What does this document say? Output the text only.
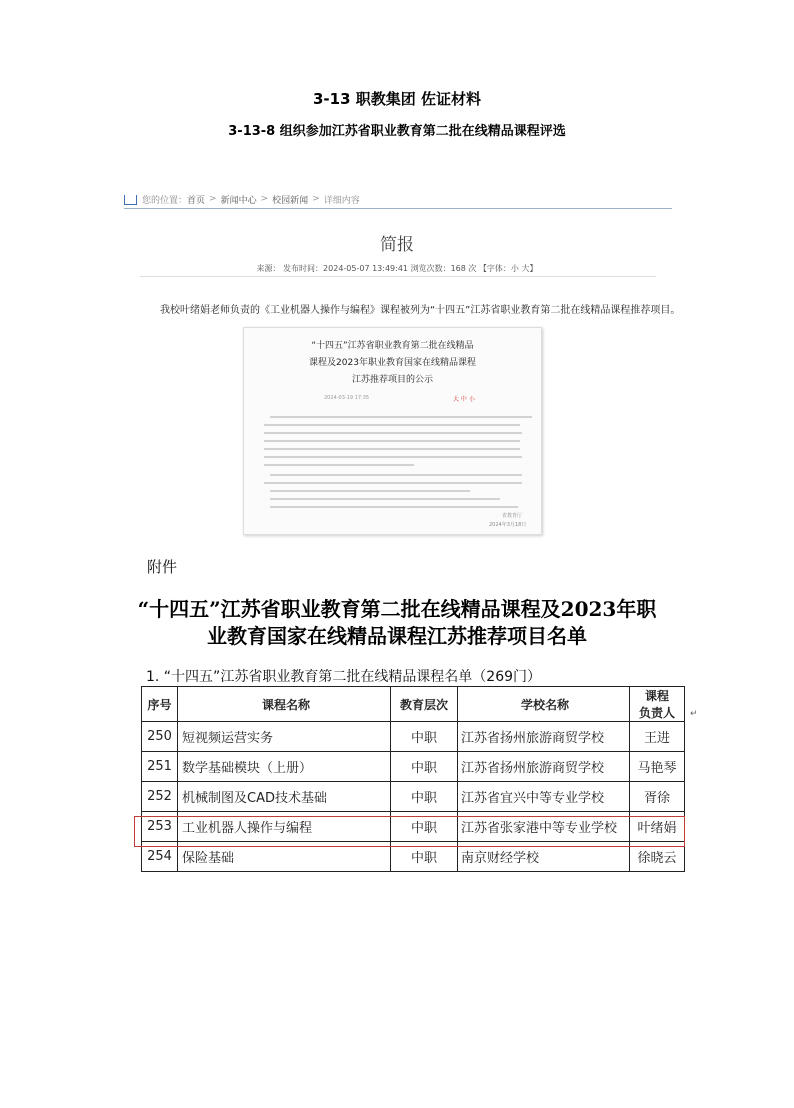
3-13 职教集团 佐证材料
3-13-8 组织参加江苏省职业教育第二批在线精品课程评选
您的位置： 首页 > 新闻中心 > 校园新闻 > 详细内容
简报
来源： 发布时间：2024-05-07 13:49:41 浏览次数：168 次 【字体：小 大】
我校叶绪娟老师负责的《工业机器人操作与编程》课程被列为“十四五”江苏省职业教育第二批在线精品课程推荐项目。
“十四五”江苏省职业教育第二批在线精品
课程及2023年职业教育国家在线精品课程
江苏推荐项目的公示
2024-03-19 17:35	大 中 小
省教育厅
2024年3月18日
附件
“十四五”江苏省职业教育第二批在线精品课程及2023年职
业教育国家在线精品课程江苏推荐项目名单
1. “十四五”江苏省职业教育第二批在线精品课程名单（269门）
序号	课程名称	教育层次	学校名称	课程
负责人

250	短视频运营实务	中职	江苏省扬州旅游商贸学校	王进
251	数学基础模块（上册）	中职	江苏省扬州旅游商贸学校	马艳琴
252	机械制图及CAD技术基础	中职	江苏省宜兴中等专业学校	胥徐
253	工业机器人操作与编程	中职	江苏省张家港中等专业学校	叶绪娟
254	保险基础	中职	南京财经学校	徐晓云
↵
